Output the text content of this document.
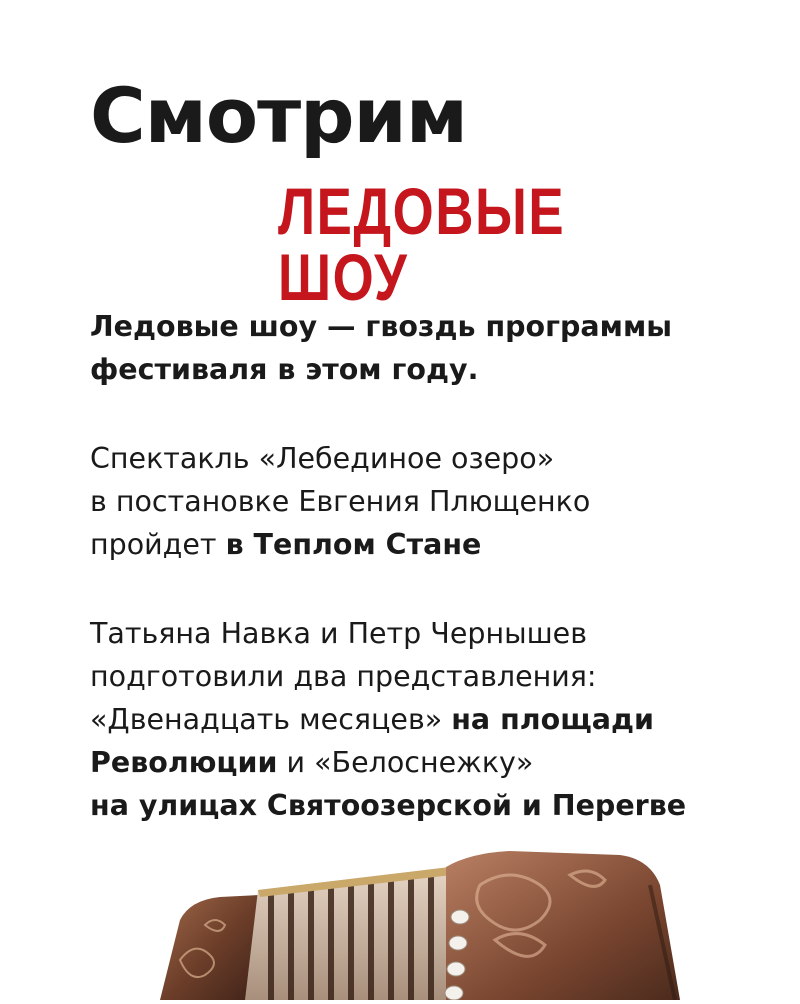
Смотрим
ЛЕДОВЫЕ ШОУ
Ледовые шоу — гвоздь программы
фестиваля в этом году.
Спектакль «Лебединое озеро»
в постановке Евгения Плющенко
пройдет в Теплом Стане
Татьяна Навка и Петр Чернышев
подготовили два представления:
«Двенадцать месяцев» на площади
Революции и «Белоснежку»
на улицах Святоозерской и Переrве
